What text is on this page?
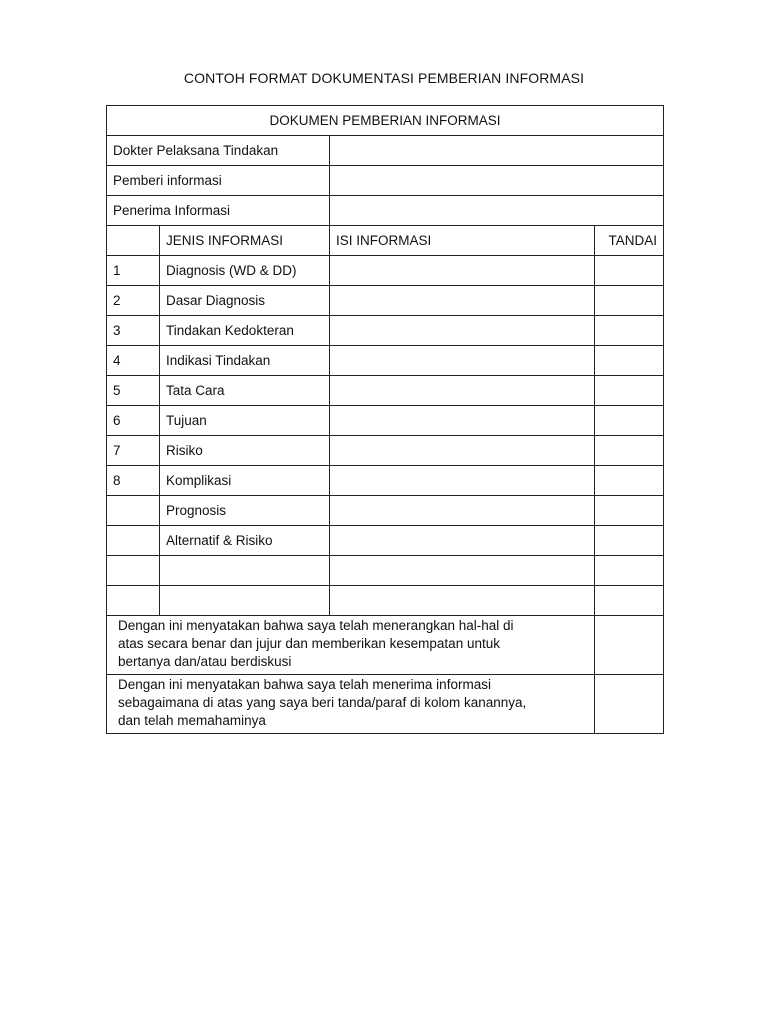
CONTOH FORMAT DOKUMENTASI PEMBERIAN INFORMASI
DOKUMEN PEMBERIAN INFORMASI			
Dokter Pelaksana Tindakan			
Pemberi informasi			
Penerima Informasi			
	JENIS INFORMASI	ISI INFORMASI	TANDAI
1	Diagnosis (WD & DD)		
2	Dasar Diagnosis		
3	Tindakan Kedokteran		
4	Indikasi Tindakan		
5	Tata Cara		
6	Tujuan		
7	Risiko		
8	Komplikasi		
	Prognosis		
	Alternatif & Risiko		

Dengan ini menyatakan bahwa saya telah menerangkan hal-hal di
atas secara benar dan jujur dan memberikan kesempatan untuk
bertanya dan/atau berdiskusi			

Dengan ini menyatakan bahwa saya telah menerima informasi
sebagaimana di atas yang saya beri tanda/paraf di kolom kanannya,
dan telah memahaminya			
